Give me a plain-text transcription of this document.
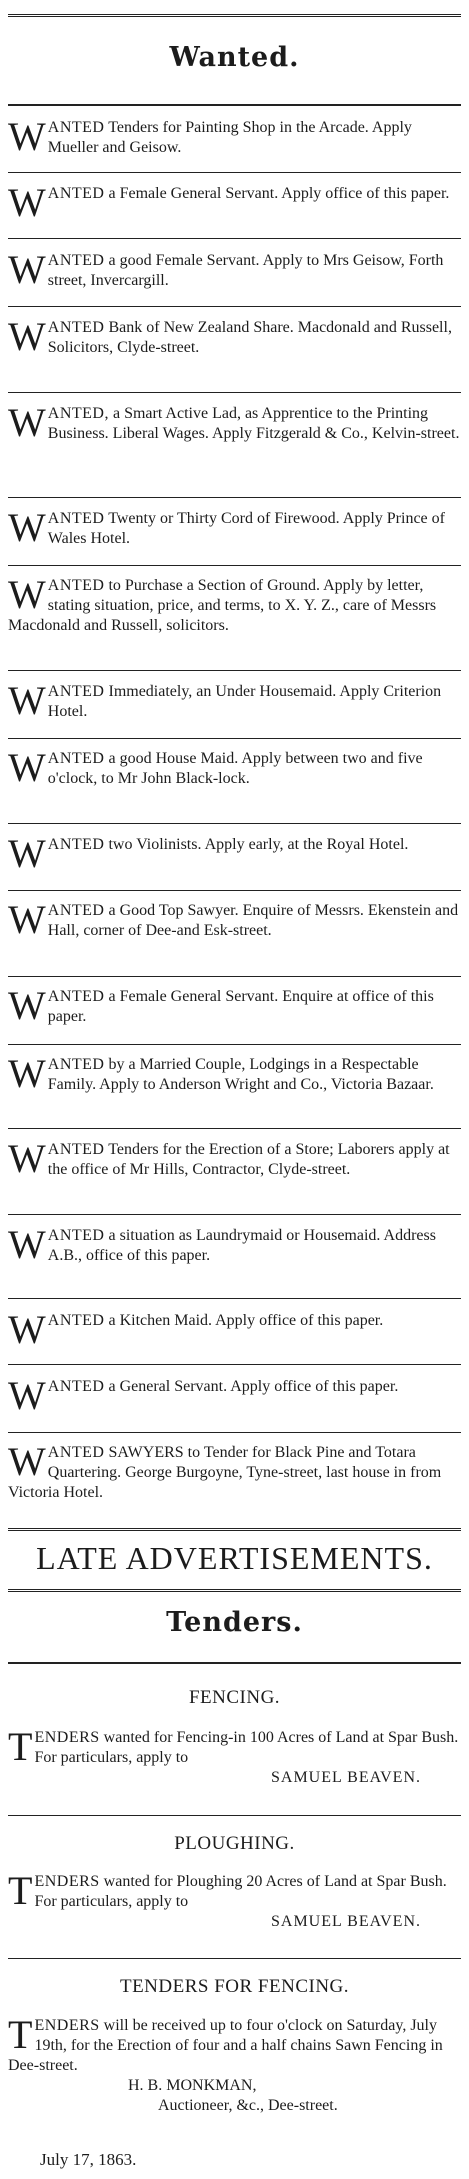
Wanted.
WANTED Tenders for Painting Shop in the Arcade. Apply Mueller and Geisow.
WANTED a Female General Servant. Apply office of this paper.
WANTED a good Female Servant. Apply to Mrs Geisow, Forth street, Invercargill.
WANTED Bank of New Zealand Share. Macdonald and Russell, Solicitors, Clyde-street.
WANTED, a Smart Active Lad, as Apprentice to the Printing Business. Liberal Wages. Apply Fitzgerald & Co., Kelvin-street.
WANTED Twenty or Thirty Cord of Firewood. Apply Prince of Wales Hotel.
WANTED to Purchase a Section of Ground. Apply by letter, stating situation, price, and terms, to X. Y. Z., care of Messrs Macdonald and Russell, solicitors.
WANTED Immediately, an Under Housemaid. Apply Criterion Hotel.
WANTED a good House Maid. Apply between two and five o'clock, to Mr John Black-lock.
WANTED two Violinists. Apply early, at the Royal Hotel.
WANTED a Good Top Sawyer. Enquire of Messrs. Ekenstein and Hall, corner of Dee-and Esk-street.
WANTED a Female General Servant. Enquire at office of this paper.
WANTED by a Married Couple, Lodgings in a Respectable Family. Apply to Anderson Wright and Co., Victoria Bazaar.
WANTED Tenders for the Erection of a Store; Laborers apply at the office of Mr Hills, Contractor, Clyde-street.
WANTED a situation as Laundrymaid or Housemaid. Address A.B., office of this paper.
WANTED a Kitchen Maid. Apply office of this paper.
WANTED a General Servant. Apply office of this paper.
WANTED SAWYERS to Tender for Black Pine and Totara Quartering. George Burgoyne, Tyne-street, last house in from Victoria Hotel.
LATE ADVERTISEMENTS.
Tenders.
FENCING.
TENDERS wanted for Fencing-in 100 Acres of Land at Spar Bush. For particulars, apply to
SAMUEL BEAVEN.
PLOUGHING.
TENDERS wanted for Ploughing 20 Acres of Land at Spar Bush. For particulars, apply to
SAMUEL BEAVEN.
TENDERS FOR FENCING.
TENDERS will be received up to four o'clock on Saturday, July 19th, for the Erection of four and a half chains Sawn Fencing in Dee-street.
H. B. MONKMAN,
Auctioneer, &c., Dee-street.
July 17, 1863.
